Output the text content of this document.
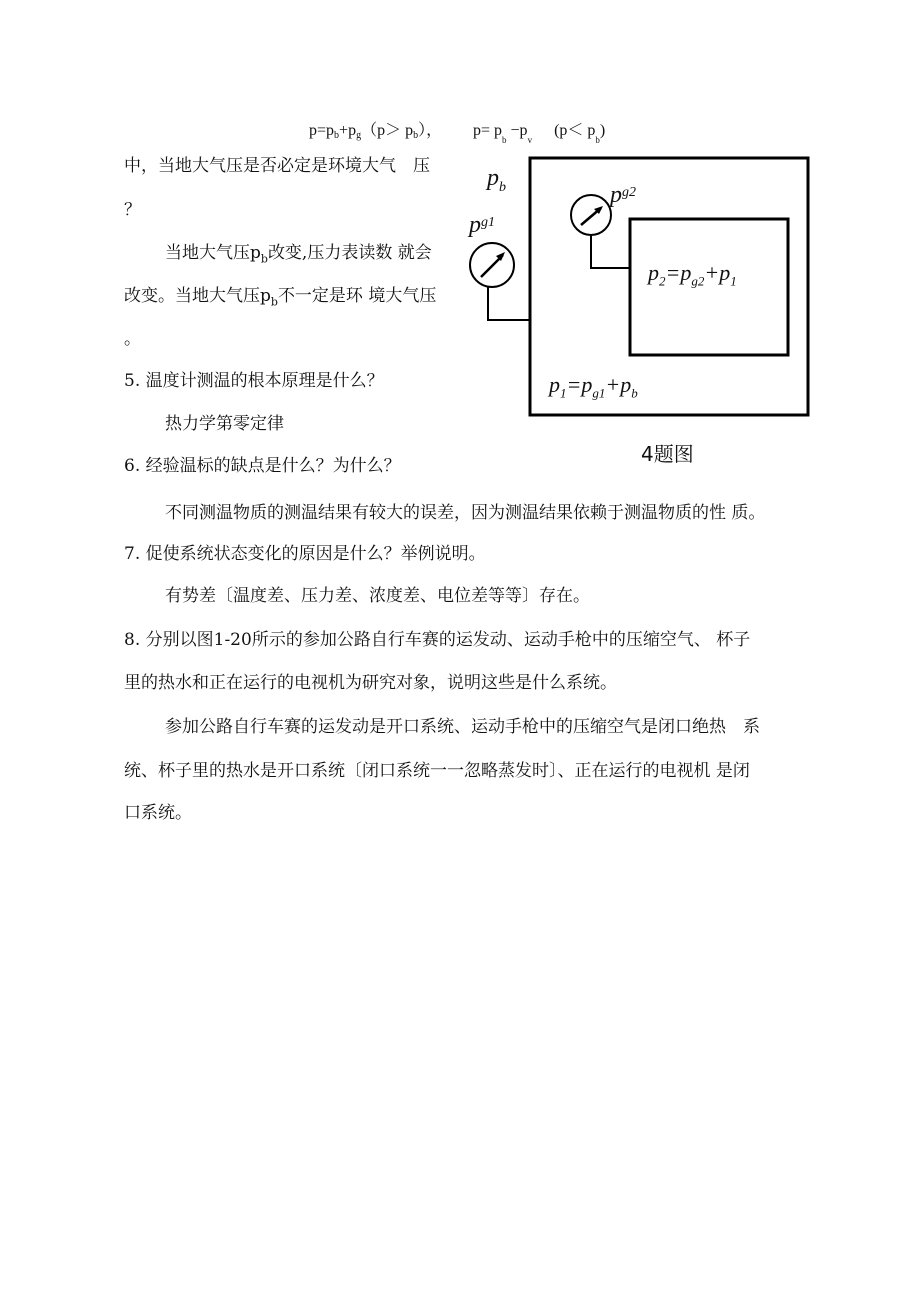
$p=p_b+p_g(p> p_b)$， $p= p_b -p_v(p< p_b)$
中，当地大气压是否必定是环境大气　压
？
当地大气压$p_b$改变,压力表读数 就会
改变。当地大气压$p_b$不一定是环 境大气压
。
5. 温度计测温的根本原理是什么？
热力学第零定律
6. 经验温标的缺点是什么？为什么？
不同测温物质的测温结果有较大的误差，因为测温结果依赖于测温物质的性 质。
7. 促使系统状态变化的原因是什么？举例说明。
有势差〔温度差、压力差、浓度差、电位差等等〕存在。
8. 分别以图1-20所示的参加公路自行车赛的运发动、运动手枪中的压缩空气、 杯子
里的热水和正在运行的电视机为研究对象，说明这些是什么系统。
参加公路自行车赛的运发动是开口系统、运动手枪中的压缩空气是闭口绝热　系
统、杯子里的热水是开口系统〔闭口系统一一忽略蒸发时〕、正在运行的电视机 是闭
口系统。
$p_b$
$p_{g1}$
$p_{g2}$
$p_2=p_{g2}+p_1$
$p_1=p_{g1}+p_b$
4题图
